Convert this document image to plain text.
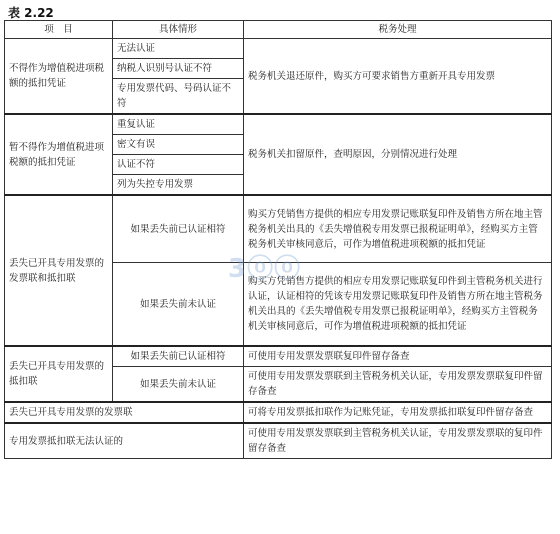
表 2.22
项　目	具体情形	税务处理
不得作为增值税进项税额的抵扣凭证	无法认证	税务机关退还原件，购买方可要求销售方重新开具专用发票
	纳税人识别号认证不符	
	专用发票代码、号码认证不符	
暂不得作为增值税进项税额的抵扣凭证	重复认证	税务机关扣留原件，查明原因，分别情况进行处理
	密文有误	
	认证不符	
	列为失控专用发票	
丢失已开具专用发票的发票联和抵扣联	如果丢失前已认证相符	购买方凭销售方提供的相应专用发票记账联复印件及销售方所在地主管税务机关出具的《丢失增值税专用发票已报税证明单》，经购买方主管税务机关审核同意后，可作为增值税进项税额的抵扣凭证
	如果丢失前未认证	购买方凭销售方提供的相应专用发票记账联复印件到主管税务机关进行认证，认证相符的凭该专用发票记账联复印件及销售方所在地主管税务机关出具的《丢失增值税专用发票已报税证明单》，经购买方主管税务机关审核同意后，可作为增值税进项税额的抵扣凭证
丢失已开具专用发票的抵扣联	如果丢失前已认证相符	可使用专用发票发票联复印件留存备查
	如果丢失前未认证	可使用专用发票发票联到主管税务机关认证，专用发票发票联复印件留存备查
丢失已开具专用发票的发票联		可将专用发票抵扣联作为记账凭证，专用发票抵扣联复印件留存备查
专用发票抵扣联无法认证的		可使用专用发票发票联到主管税务机关认证，专用发票发票联的复印件留存备查
3ⓞⓞ
